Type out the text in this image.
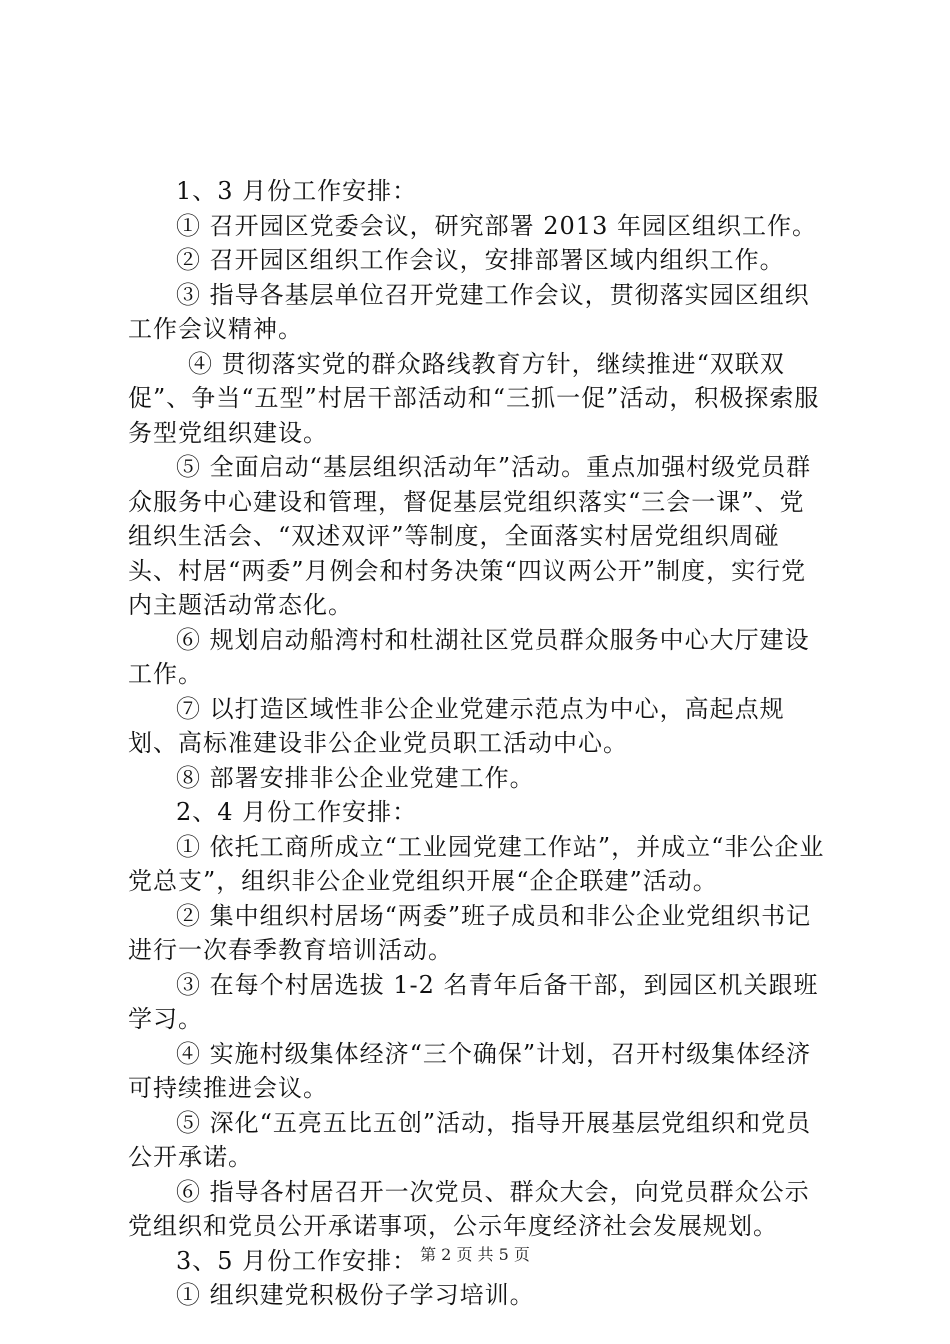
1、3 月份工作安排：

① 召开园区党委会议，研究部署 2013 年园区组织工作。

② 召开园区组织工作会议，安排部署区域内组织工作。

③ 指导各基层单位召开党建工作会议，贯彻落实园区组织工作会议精神。

④ 贯彻落实党的群众路线教育方针，继续推进“双联双促”、争当“五型”村居干部活动和“三抓一促”活动，积极探索服务型党组织建设。

⑤ 全面启动“基层组织活动年”活动。重点加强村级党员群众服务中心建设和管理，督促基层党组织落实“三会一课”、党组织生活会、“双述双评”等制度，全面落实村居党组织周碰头、村居“两委”月例会和村务决策“四议两公开”制度，实行党内主题活动常态化。

⑥ 规划启动船湾村和杜湖社区党员群众服务中心大厅建设工作。

⑦ 以打造区域性非公企业党建示范点为中心，高起点规划、高标准建设非公企业党员职工活动中心。

⑧ 部署安排非公企业党建工作。

2、4 月份工作安排：

① 依托工商所成立“工业园党建工作站”，并成立“非公企业党总支”，组织非公企业党组织开展“企企联建”活动。

② 集中组织村居场“两委”班子成员和非公企业党组织书记进行一次春季教育培训活动。

③ 在每个村居选拔 1-2 名青年后备干部，到园区机关跟班学习。

④ 实施村级集体经济“三个确保”计划，召开村级集体经济可持续推进会议。

⑤ 深化“五亮五比五创”活动，指导开展基层党组织和党员公开承诺。

⑥ 指导各村居召开一次党员、群众大会，向党员群众公示党组织和党员公开承诺事项，公示年度经济社会发展规划。

3、5 月份工作安排：

① 组织建党积极份子学习培训。

第 2 页 共 5 页
